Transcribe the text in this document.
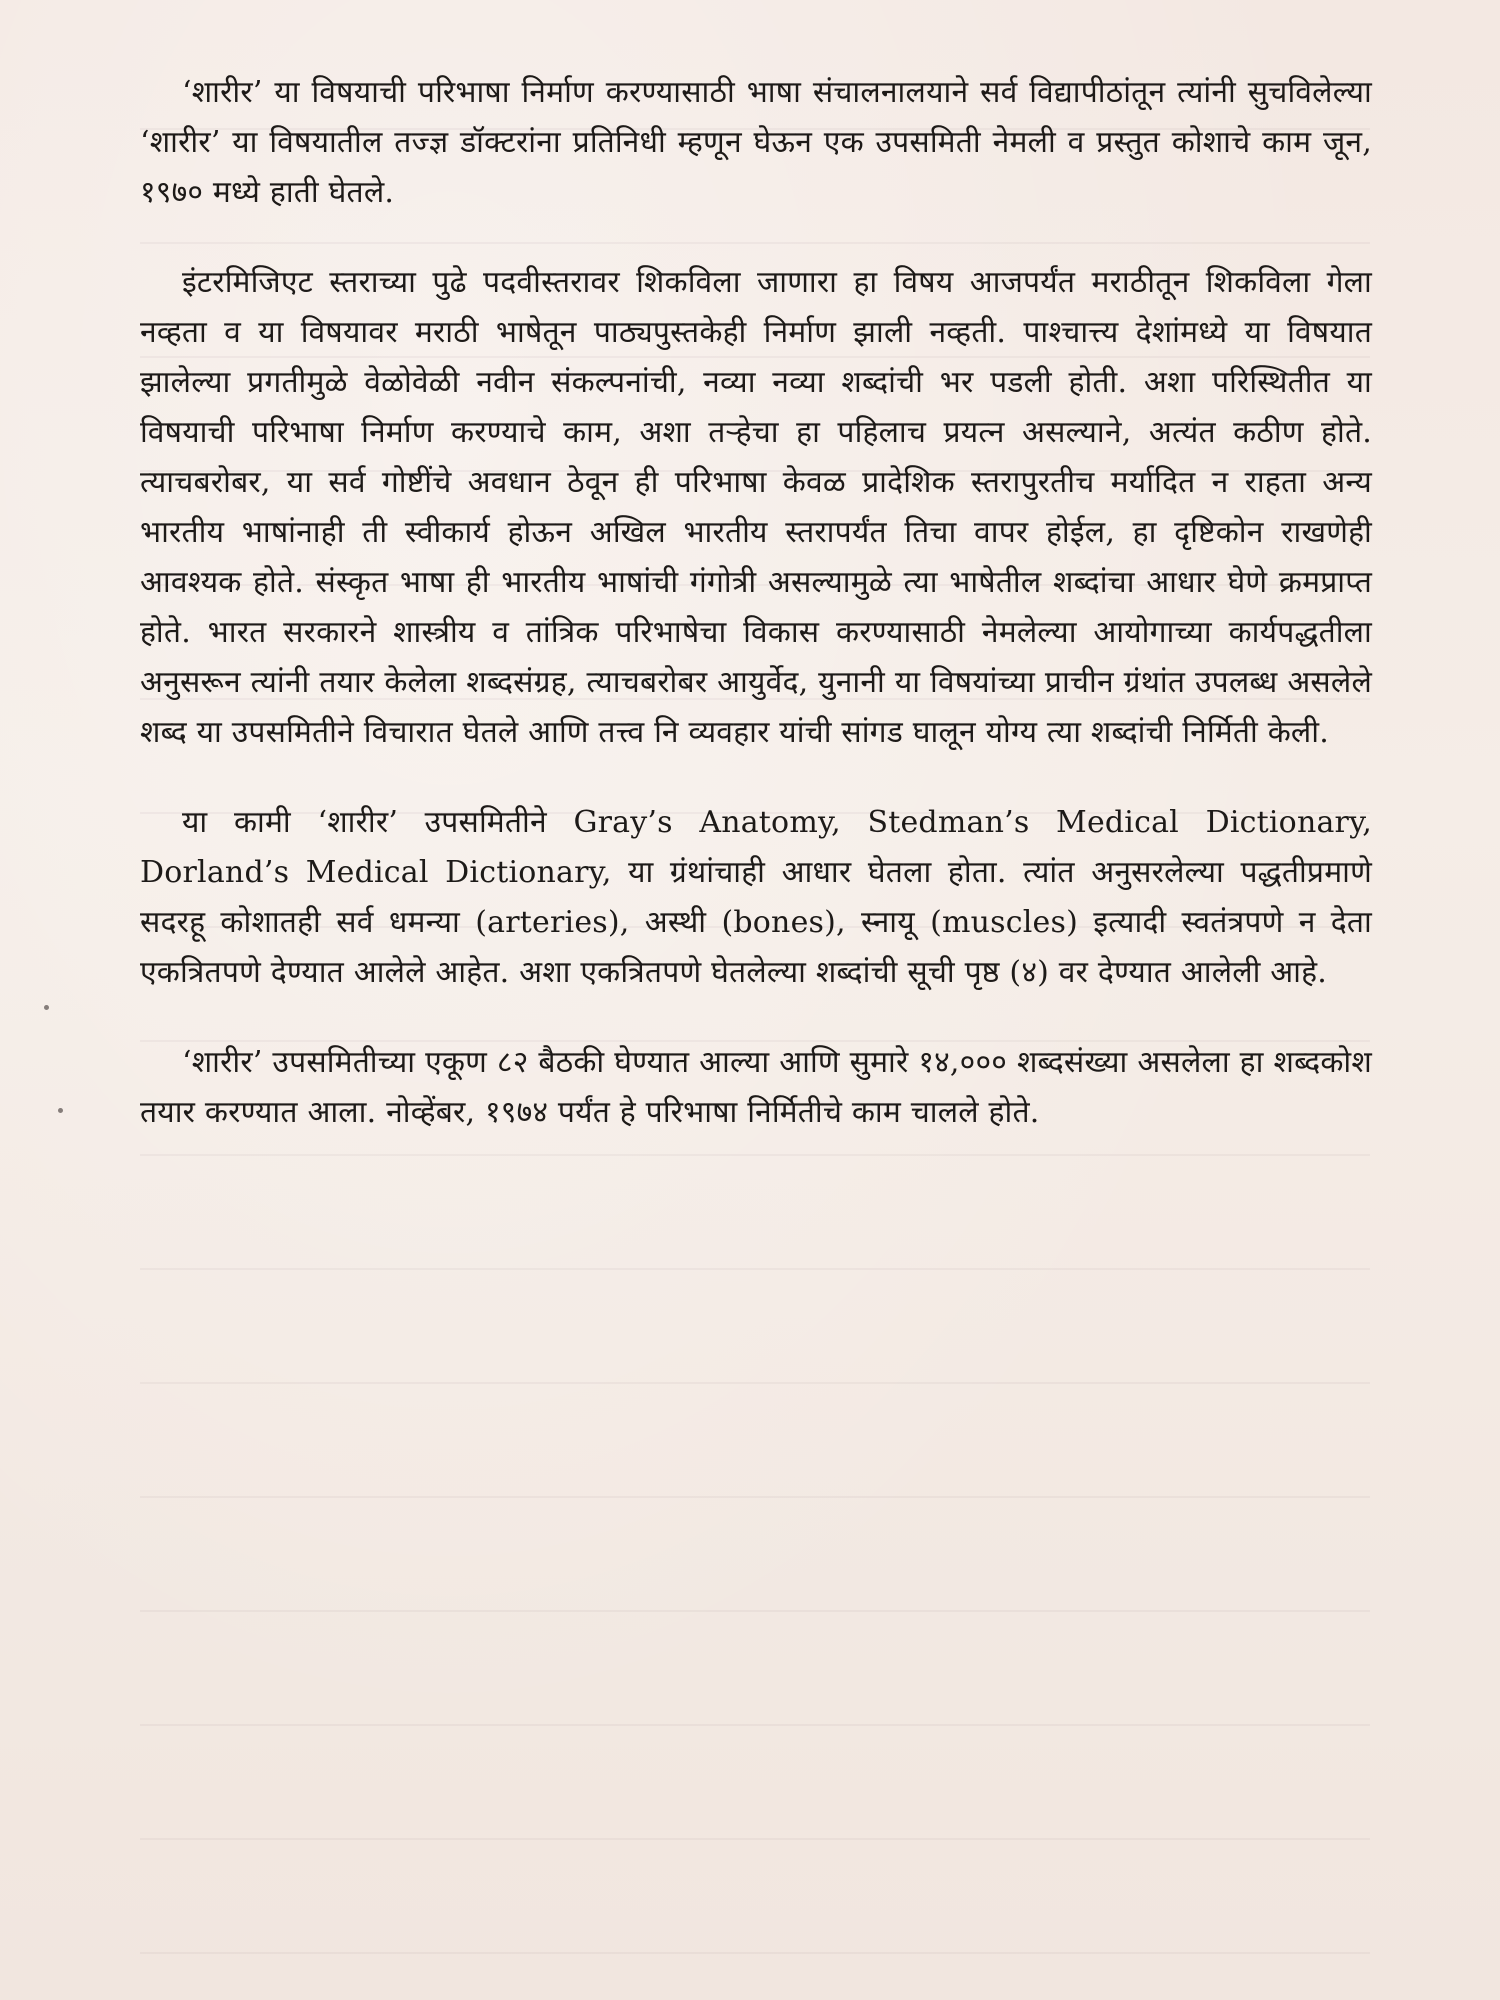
‘शारीर’ या विषयाची परिभाषा निर्माण करण्यासाठी भाषा संचालनालयाने सर्व विद्यापीठांतून त्यांनी सुचविलेल्या ‘शारीर’ या विषयातील तज्ज्ञ डॉक्टरांना प्रतिनिधी म्हणून घेऊन एक उपसमिती नेमली व प्रस्तुत कोशाचे काम जून, १९७० मध्ये हाती घेतले.

इंटरमिजिएट स्तराच्या पुढे पदवीस्तरावर शिकविला जाणारा हा विषय आजपर्यंत मराठीतून शिकविला गेला नव्हता व या विषयावर मराठी भाषेतून पाठ्यपुस्तकेही निर्माण झाली नव्हती. पाश्चात्त्य देशांमध्ये या विषयात झालेल्या प्रगतीमुळे वेळोवेळी नवीन संकल्पनांची, नव्या नव्या शब्दांची भर पडली होती. अशा परिस्थितीत या विषयाची परिभाषा निर्माण करण्याचे काम, अशा तऱ्हेचा हा पहिलाच प्रयत्न असल्याने, अत्यंत कठीण होते. त्याचबरोबर, या सर्व गोष्टींचे अवधान ठेवून ही परिभाषा केवळ प्रादेशिक स्तरापुरतीच मर्यादित न राहता अन्य भारतीय भाषांनाही ती स्वीकार्य होऊन अखिल भारतीय स्तरापर्यंत तिचा वापर होईल, हा दृष्टिकोन राखणेही आवश्यक होते. संस्कृत भाषा ही भारतीय भाषांची गंगोत्री असल्यामुळे त्या भाषेतील शब्दांचा आधार घेणे क्रमप्राप्त होते. भारत सरकारने शास्त्रीय व तांत्रिक परिभाषेचा विकास करण्यासाठी नेमलेल्या आयोगाच्या कार्यपद्धतीला अनुसरून त्यांनी तयार केलेला शब्दसंग्रह, त्याचबरोबर आयुर्वेद, युनानी या विषयांच्या प्राचीन ग्रंथांत उपलब्ध असलेले शब्द या उपसमितीने विचारात घेतले आणि तत्त्व नि व्यवहार यांची सांगड घालून योग्य त्या शब्दांची निर्मिती केली.

या कामी ‘शारीर’ उपसमितीने Gray’s Anatomy, Stedman’s Medical Dictionary, Dorland’s Medical Dictionary, या ग्रंथांचाही आधार घेतला होता. त्यांत अनुसरलेल्या पद्धतीप्रमाणे सदरहू कोशातही सर्व धमन्या (arteries), अस्थी (bones), स्नायू (muscles) इत्यादी स्वतंत्रपणे न देता एकत्रितपणे देण्यात आलेले आहेत. अशा एकत्रितपणे घेतलेल्या शब्दांची सूची पृष्ठ (४) वर देण्यात आलेली आहे.

‘शारीर’ उपसमितीच्या एकूण ८२ बैठकी घेण्यात आल्या आणि सुमारे १४,००० शब्दसंख्या असलेला हा शब्दकोश तयार करण्यात आला. नोव्हेंबर, १९७४ पर्यंत हे परिभाषा निर्मितीचे काम चालले होते.
